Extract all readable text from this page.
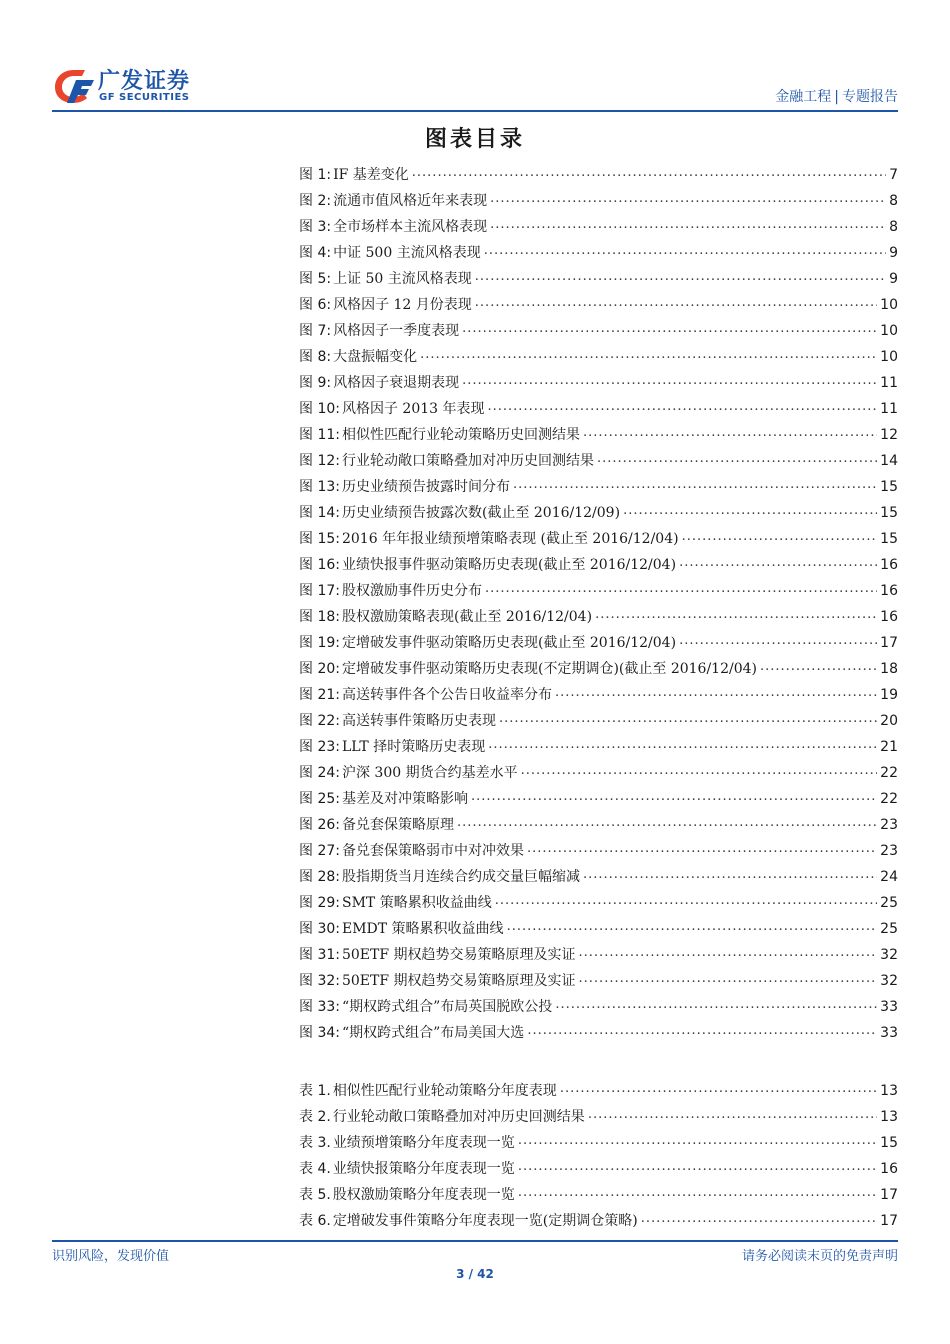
广发证券
GF SECURITIES	金融工程 | 专题报告
图表目录
图 1: IF 基差变化 .....	7
图 2: 流通市值风格近年来表现 .....	8
图 3: 全市场样本主流风格表现 .....	8
图 4: 中证 500 主流风格表现 .....	9
图 5: 上证 50 主流风格表现 .....	9
图 6: 风格因子 12 月份表现 .....	10
图 7: 风格因子一季度表现 .....	10
图 8: 大盘振幅变化 .....	10
图 9: 风格因子衰退期表现 .....	11
图 10: 风格因子 2013 年表现 .....	11
图 11: 相似性匹配行业轮动策略历史回测结果 .....	12
图 12: 行业轮动敞口策略叠加对冲历史回测结果 .....	14
图 13: 历史业绩预告披露时间分布 .....	15
图 14: 历史业绩预告披露次数(截止至 2016/12/09) .....	15
图 15: 2016 年年报业绩预增策略表现 (截止至 2016/12/04) .....	15
图 16: 业绩快报事件驱动策略历史表现(截止至 2016/12/04) .....	16
图 17: 股权激励事件历史分布 .....	16
图 18: 股权激励策略表现(截止至 2016/12/04) .....	16
图 19: 定增破发事件驱动策略历史表现(截止至 2016/12/04) .....	17
图 20: 定增破发事件驱动策略历史表现(不定期调仓)(截止至 2016/12/04) .....	18
图 21: 高送转事件各个公告日收益率分布 .....	19
图 22: 高送转事件策略历史表现 .....	20
图 23: LLT 择时策略历史表现 .....	21
图 24: 沪深 300 期货合约基差水平 .....	22
图 25: 基差及对冲策略影响 .....	22
图 26: 备兑套保策略原理 .....	23
图 27: 备兑套保策略弱市中对冲效果 .....	23
图 28: 股指期货当月连续合约成交量巨幅缩减 .....	24
图 29: SMT 策略累积收益曲线 .....	25
图 30: EMDT 策略累积收益曲线 .....	25
图 31: 50ETF 期权趋势交易策略原理及实证 .....	32
图 32: 50ETF 期权趋势交易策略原理及实证 .....	32
图 33: “期权跨式组合”布局英国脱欧公投 .....	33
图 34: “期权跨式组合”布局美国大选 .....	33
表 1. 相似性匹配行业轮动策略分年度表现 .....	13
表 2. 行业轮动敞口策略叠加对冲历史回测结果 .....	13
表 3. 业绩预增策略分年度表现一览 .....	15
表 4. 业绩快报策略分年度表现一览 .....	16
表 5. 股权激励策略分年度表现一览 .....	17
表 6. 定增破发事件策略分年度表现一览(定期调仓策略) .....	17
识别风险，发现价值	请务必阅读末页的免责声明
3 / 42
